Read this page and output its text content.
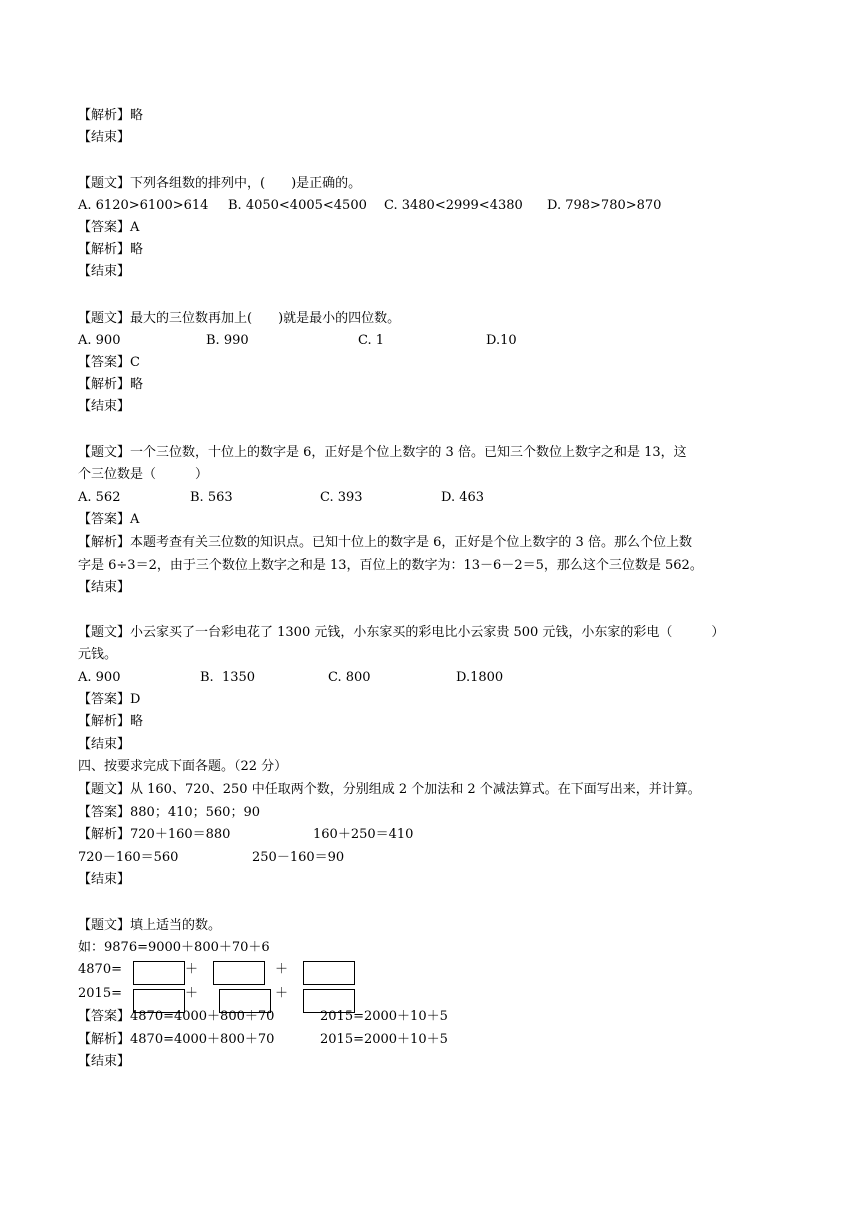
【解析】略
【结束】
【题文】下列各组数的排列中，(　　)是正确的。
A. 6120>6100>614 B. 4050<4005<4500 C. 3480<2999<4380 D. 798>780>870
【答案】A
【解析】略
【结束】
【题文】最大的三位数再加上(　　)就是最小的四位数。
A. 900	B. 990	C. 1	D.10
【答案】C
【解析】略
【结束】
【题文】一个三位数，十位上的数字是 6，正好是个位上数字的 3 倍。已知三个数位上数字之和是 13，这
个三位数是（　　　）
A. 562	B. 563	C. 393	D. 463
【答案】A
【解析】本题考查有关三位数的知识点。已知十位上的数字是 6，正好是个位上数字的 3 倍。那么个位上数
字是 6÷3＝2，由于三个数位上数字之和是 13，百位上的数字为：13－6－2＝5，那么这个三位数是 562。
【结束】
【题文】小云家买了一台彩电花了 1300 元钱，小东家买的彩电比小云家贵 500 元钱，小东家的彩电（　　　）
元钱。
A. 900	B.  1350	C. 800	D.1800
【答案】D
【解析】略
【结束】
四、按要求完成下面各题。（22 分）
【题文】从 160、720、250 中任取两个数，分别组成 2 个加法和 2 个减法算式。在下面写出来，并计算。
【答案】880；410；560；90
【解析】720＋160＝880	160＋250＝410
720－160＝560	250－160＝90
【结束】
【题文】填上适当的数。
如：9876=9000＋800＋70＋6
4870=	＋	＋
2015=	＋	＋
【答案】4870=4000＋800＋70	2015=2000＋10＋5
【解析】4870=4000＋800＋70	2015=2000＋10＋5
【结束】
